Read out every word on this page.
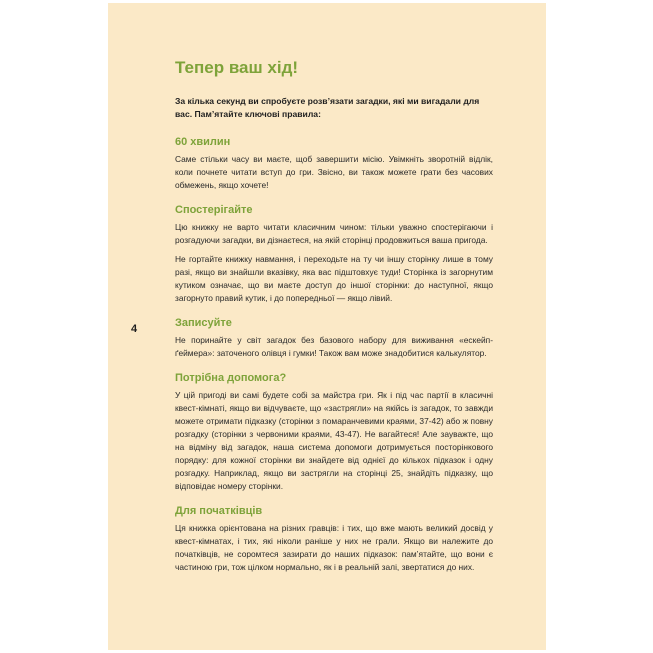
4
Тепер ваш хід!

За кілька секунд ви спробуєте розв’язати загадки, які ми вигадали для вас. Пам’ятайте ключові правила:

60 хвилин

Саме стільки часу ви маєте, щоб завершити місію. Увімкніть зворотній відлік, коли почнете читати вступ до гри. Звісно, ви також можете грати без часових обмежень, якщо хочете!

Спостерігайте

Цю книжку не варто читати класичним чином: тільки уважно спостерігаючи і розгадуючи загадки, ви дізнаєтеся, на якій сторінці продовжиться ваша пригода.

Не гортайте книжку навмання, і переходьте на ту чи іншу сторінку лише в тому разі, якщо ви знайшли вказівку, яка вас підштовхує туди! Сторінка із загорнутим кутиком означає, що ви маєте доступ до іншої сторінки: до наступної, якщо загорнуто правий кутик, і до попередньої — якщо лівий.

Записуйте

Не поринайте у світ загадок без базового набору для виживання «ескейп-ґеймера»: заточеного олівця і гумки! Також вам може знадобитися калькулятор.

Потрібна допомога?

У цій пригоді ви самі будете собі за майстра гри. Як і під час партії в класичні квест-кімнаті, якщо ви відчуваєте, що «застрягли» на якійсь із загадок, то завжди можете отримати підказку (сторінки з помаранчевими краями, 37-42) або ж повну розгадку (сторінки з червоними краями, 43-47). Не вагайтеся! Але зауважте, що на відміну від загадок, наша система допомоги дотримується посторінкового порядку: для кожної сторінки ви знайдете від однієї до кількох підказок і одну розгадку. Наприклад, якщо ви застрягли на сторінці 25, знайдіть підказку, що відповідає номеру сторінки.

Для початківців

Ця книжка орієнтована на різних гравців: і тих, що вже мають великий досвід у квест-кімнатах, і тих, які ніколи раніше у них не грали. Якщо ви належите до початківців, не соромтеся зазирати до наших підказок: пам’ятайте, що вони є частиною гри, тож цілком нормально, як і в реальній залі, звертатися до них.
